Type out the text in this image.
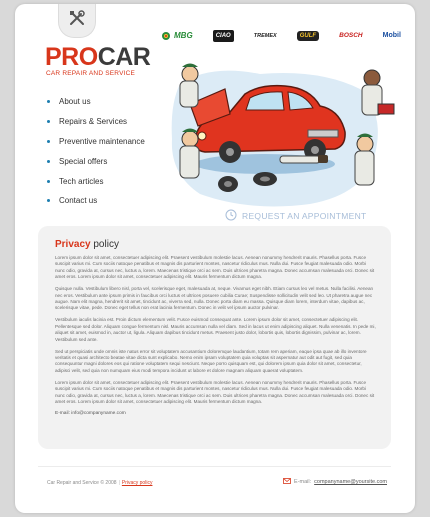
PROCAR
CAR REPAIR AND SERVICE
MBG	CIAO	TREMEX	GULF	BOSCH	Mobil
About us
Repairs & Services
Preventive maintenance
Special offers
Tech articles
Contact us
REQUEST AN APPOINTMENT
Privacy policy

Lorem ipsum dolor sit amet, consectetuer adipiscing elit. Praesent vestibulum molestie lacus. Aenean nonummy hendrerit mauris. Phasellus porta. Fusce suscipit varius mi. Cum sociis natoque penatibus et magnis dis parturient montes, nascetur ridiculus mus. Nulla dui. Fusce feugiat malesuada odio. Morbi nunc odio, gravida at, cursus nec, luctus a, lorem. Maecenas tristique orci ac sem. Duis ultrices pharetra magna. Donec accumsan malesuada orci. Donec sit amet eros. Lorem ipsum dolor sit amet, consectetuer adipiscing elit. Mauris fermentum dictum magna.

Quisque nulla. Vestibulum libero nisl, porta vel, scelerisque eget, malesuada at, neque. Vivamus eget nibh. Etiam cursus leo vel metus. Nulla facilisi. Aenean nec eros. Vestibulum ante ipsum primis in faucibus orci luctus et ultrices posuere cubilia Curae; Suspendisse sollicitudin velit sed leo. Ut pharetra augue nec augue. Nam elit magna, hendrerit sit amet, tincidunt ac, viverra sed, nulla. Donec porta diam eu massa. Quisque diam lorem, interdum vitae, dapibus ac, scelerisque vitae, pede. Donec eget tellus non erat lacinia fermentum. Donec in velit vel ipsum auctor pulvinar.

Vestibulum iaculis lacinia est. Proin dictum elementum velit. Fusce euismod consequat ante. Lorem ipsum dolor sit amet, consectetuer adipiscing elit. Pellentesque sed dolor. Aliquam congue fermentum nisl. Mauris accumsan nulla vel diam. Sed in lacus ut enim adipiscing aliquet. Nulla venenatis. In pede mi, aliquet sit amet, euismod in, auctor ut, ligula. Aliquam dapibus tincidunt metus. Praesent justo dolor, lobortis quis, lobortis dignissim, pulvinar ac, lorem. Vestibulum sed ante.

Sed ut perspiciatis unde omnis iste natus error sit voluptatem accusantium doloremque laudantium, totam rem aperiam, eaque ipsa quae ab illo inventore veritatis et quasi architecto beatae vitae dicta sunt explicabo. Nemo enim ipsam voluptatem quia voluptas sit aspernatur aut odit aut fugit, sed quia consequuntur magni dolores eos qui ratione voluptatem sequi nesciunt. Neque porro quisquam est, qui dolorem ipsum quia dolor sit amet, consectetur, adipisci velit, sed quia non numquam eius modi tempora incidunt ut labore et dolore magnam aliquam quaerat voluptatem.

Lorem ipsum dolor sit amet, consectetuer adipiscing elit. Praesent vestibulum molestie lacus. Aenean nonummy hendrerit mauris. Phasellus porta. Fusce suscipit varius mi. Cum sociis natoque penatibus et magnis dis parturient montes, nascetur ridiculus mus. Nulla dui. Fusce feugiat malesuada odio. Morbi nunc odio, gravida at, cursus nec, luctus a, lorem. Maecenas tristique orci ac sem. Duis ultrices pharetra magna. Donec accumsan malesuada orci. Donec sit amet eros. Lorem ipsum dolor sit amet, consectetuer adipiscing elit. Mauris fermentum dictum magna.

E-mail: info@companyname.com
Car Repair and Service © 2008 | Privacy policy	E-mail: companyname@yoursite.com
